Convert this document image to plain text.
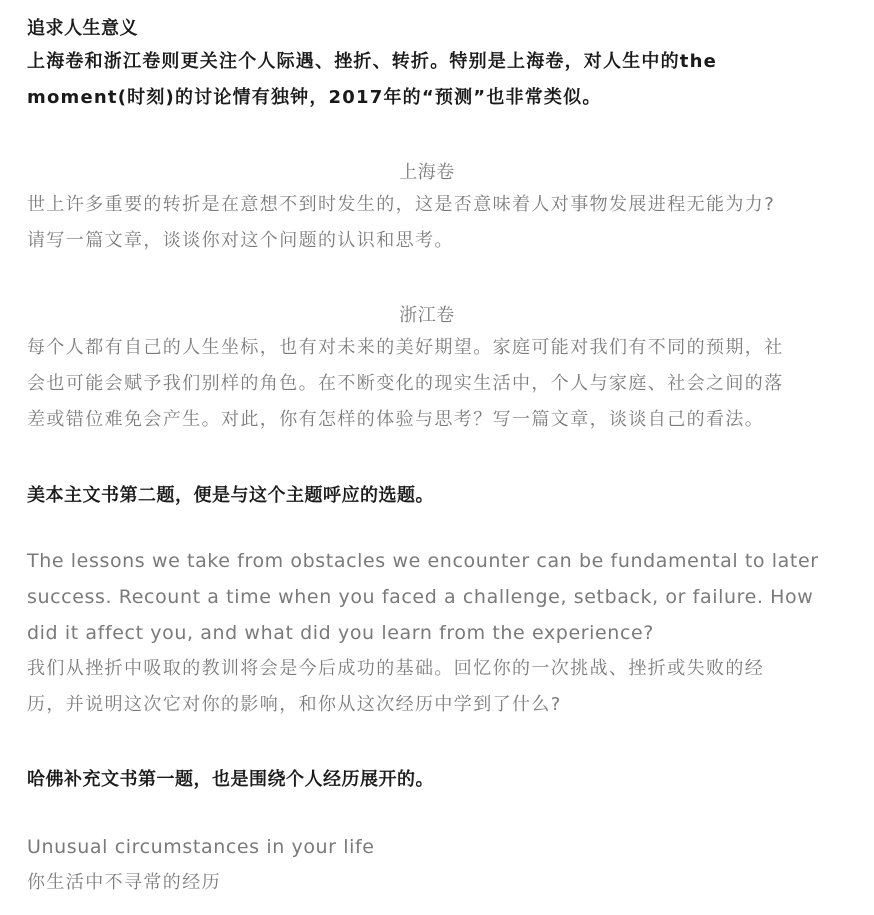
追求人生意义
上海卷和浙江卷则更关注个人际遇、挫折、转折。特别是上海卷，对人生中的the
moment(时刻)的讨论情有独钟，2017年的“预测”也非常类似。
上海卷
世上许多重要的转折是在意想不到时发生的，这是否意味着人对事物发展进程无能为力?
请写一篇文章，谈谈你对这个问题的认识和思考。
浙江卷
每个人都有自己的人生坐标，也有对未来的美好期望。家庭可能对我们有不同的预期，社
会也可能会赋予我们别样的角色。在不断变化的现实生活中，个人与家庭、社会之间的落
差或错位难免会产生。对此，你有怎样的体验与思考？写一篇文章，谈谈自己的看法。
美本主文书第二题，便是与这个主题呼应的选题。
The lessons we take from obstacles we encounter can be fundamental to later
success. Recount a time when you faced a challenge, setback, or failure. How
did it affect you, and what did you learn from the experience?
我们从挫折中吸取的教训将会是今后成功的基础。回忆你的一次挑战、挫折或失败的经
历，并说明这次它对你的影响，和你从这次经历中学到了什么?
哈佛补充文书第一题，也是围绕个人经历展开的。
Unusual circumstances in your life
你生活中不寻常的经历
